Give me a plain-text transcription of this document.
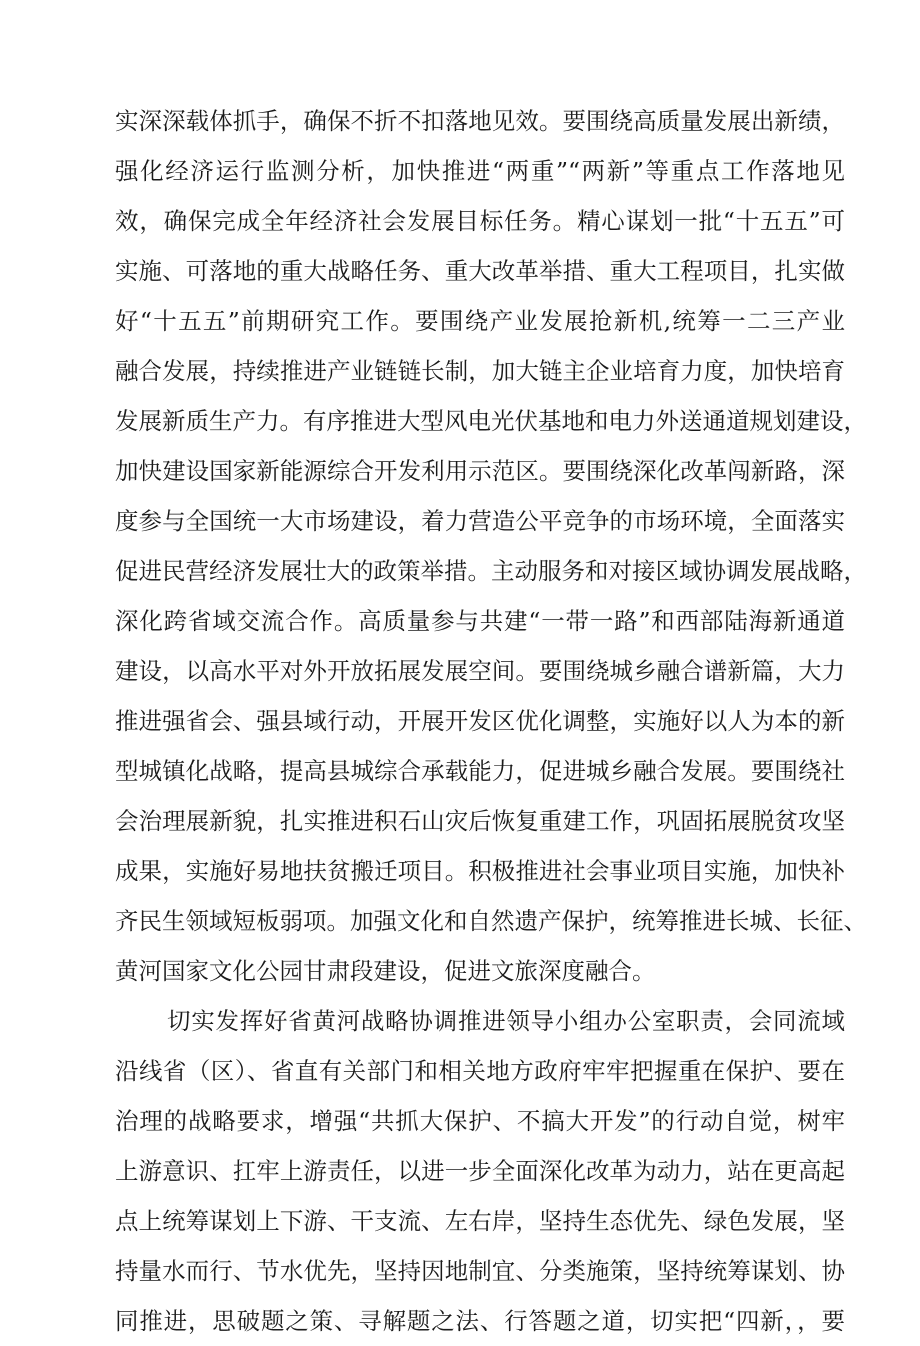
实深深载体抓手，确保不折不扣落地见效。要围绕高质量发展出新绩，
强化经济运行监测分析，加快推进“两重”“两新”等重点工作落地见
效，确保完成全年经济社会发展目标任务。精心谋划一批“十五五”可
实施、可落地的重大战略任务、重大改革举措、重大工程项目，扎实做
好“十五五”前期研究工作。要围绕产业发展抢新机,统筹一二三产业
融合发展，持续推进产业链链长制，加大链主企业培育力度，加快培育
发展新质生产力。有序推进大型风电光伏基地和电力外送通道规划建设，
加快建设国家新能源综合开发利用示范区。要围绕深化改革闯新路，深
度参与全国统一大市场建设，着力营造公平竞争的市场环境，全面落实
促进民营经济发展壮大的政策举措。主动服务和对接区域协调发展战略，
深化跨省域交流合作。高质量参与共建“一带一路”和西部陆海新通道
建设，以高水平对外开放拓展发展空间。要围绕城乡融合谱新篇，大力
推进强省会、强县域行动，开展开发区优化调整，实施好以人为本的新
型城镇化战略，提高县城综合承载能力，促进城乡融合发展。要围绕社
会治理展新貌，扎实推进积石山灾后恢复重建工作，巩固拓展脱贫攻坚
成果，实施好易地扶贫搬迁项目。积极推进社会事业项目实施，加快补
齐民生领域短板弱项。加强文化和自然遗产保护，统筹推进长城、长征、
黄河国家文化公园甘肃段建设，促进文旅深度融合。
切实发挥好省黄河战略协调推进领导小组办公室职责，会同流域
沿线省（区）、省直有关部门和相关地方政府牢牢把握重在保护、要在
治理的战略要求，增强“共抓大保护、不搞大开发”的行动自觉，树牢
上游意识、扛牢上游责任，以进一步全面深化改革为动力，站在更高起
点上统筹谋划上下游、干支流、左右岸，坚持生态优先、绿色发展，坚
持量水而行、节水优先，坚持因地制宜、分类施策，坚持统筹谋划、协
同推进，思破题之策、寻解题之法、行答题之道，切实把“四新，，要
